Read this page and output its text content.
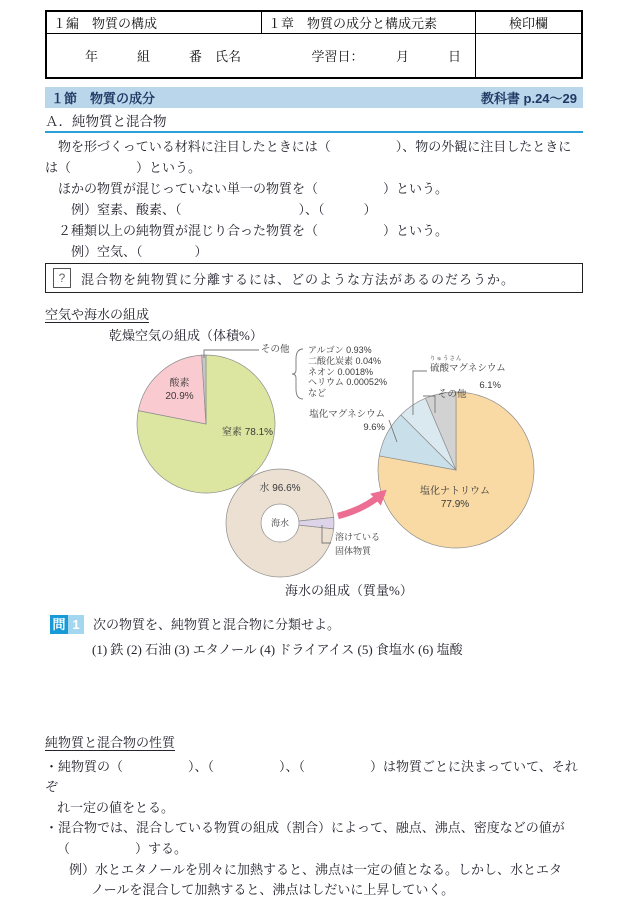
１編　物質の構成	１章　物質の成分と構成元素	検印欄
年　　　組　　　番　氏名	学習日：　　　月　　　日
１節　物質の成分	教科書 p.24～29
Ａ．純物質と混合物
物を形づくっている材料に注目したときには（　　　　　）、物の外観に注目したときに
は（　　　　　）という。
ほかの物質が混じっていない単一の物質を（　　　　　）という。
例）窒素、酸素、（　　　　　　　　　）、（　　　）
２種類以上の純物質が混じり合った物質を（　　　　　）という。
例）空気、（　　　　）
?	混合物を純物質に分離するには、どのような方法があるのだろうか。
空気や海水の組成
乾燥空気の組成（体積%）
その他 アルゴン 0.93%
二酸化炭素 0.04%
ネオン 0.0018%
ヘリウム 0.00052%
など
酸素
20.9%
窒素 78.1%
水 96.6%
海水
溶けている
固体物質
海水の組成（質量%）
りゅうさん
硫酸マグネシウム
6.1%
その他
塩化マグネシウム
9.6%
塩化ナトリウム
77.9%
問 1	次の物質を、純物質と混合物に分類せよ。
(1) 鉄 (2) 石油 (3) エタノール (4) ドライアイス (5) 食塩水 (6) 塩酸
純物質と混合物の性質
・純物質の（　　　　　）、（　　　　　）、（　　　　　）は物質ごとに決まっていて、それぞ
れ一定の値をとる。
・混合物では、混合している物質の組成（割合）によって、融点、沸点、密度などの値が
（　　　　　）する。
例）水とエタノールを別々に加熱すると、沸点は一定の値となる。しかし、水とエタ
ノールを混合して加熱すると、沸点はしだいに上昇していく。
